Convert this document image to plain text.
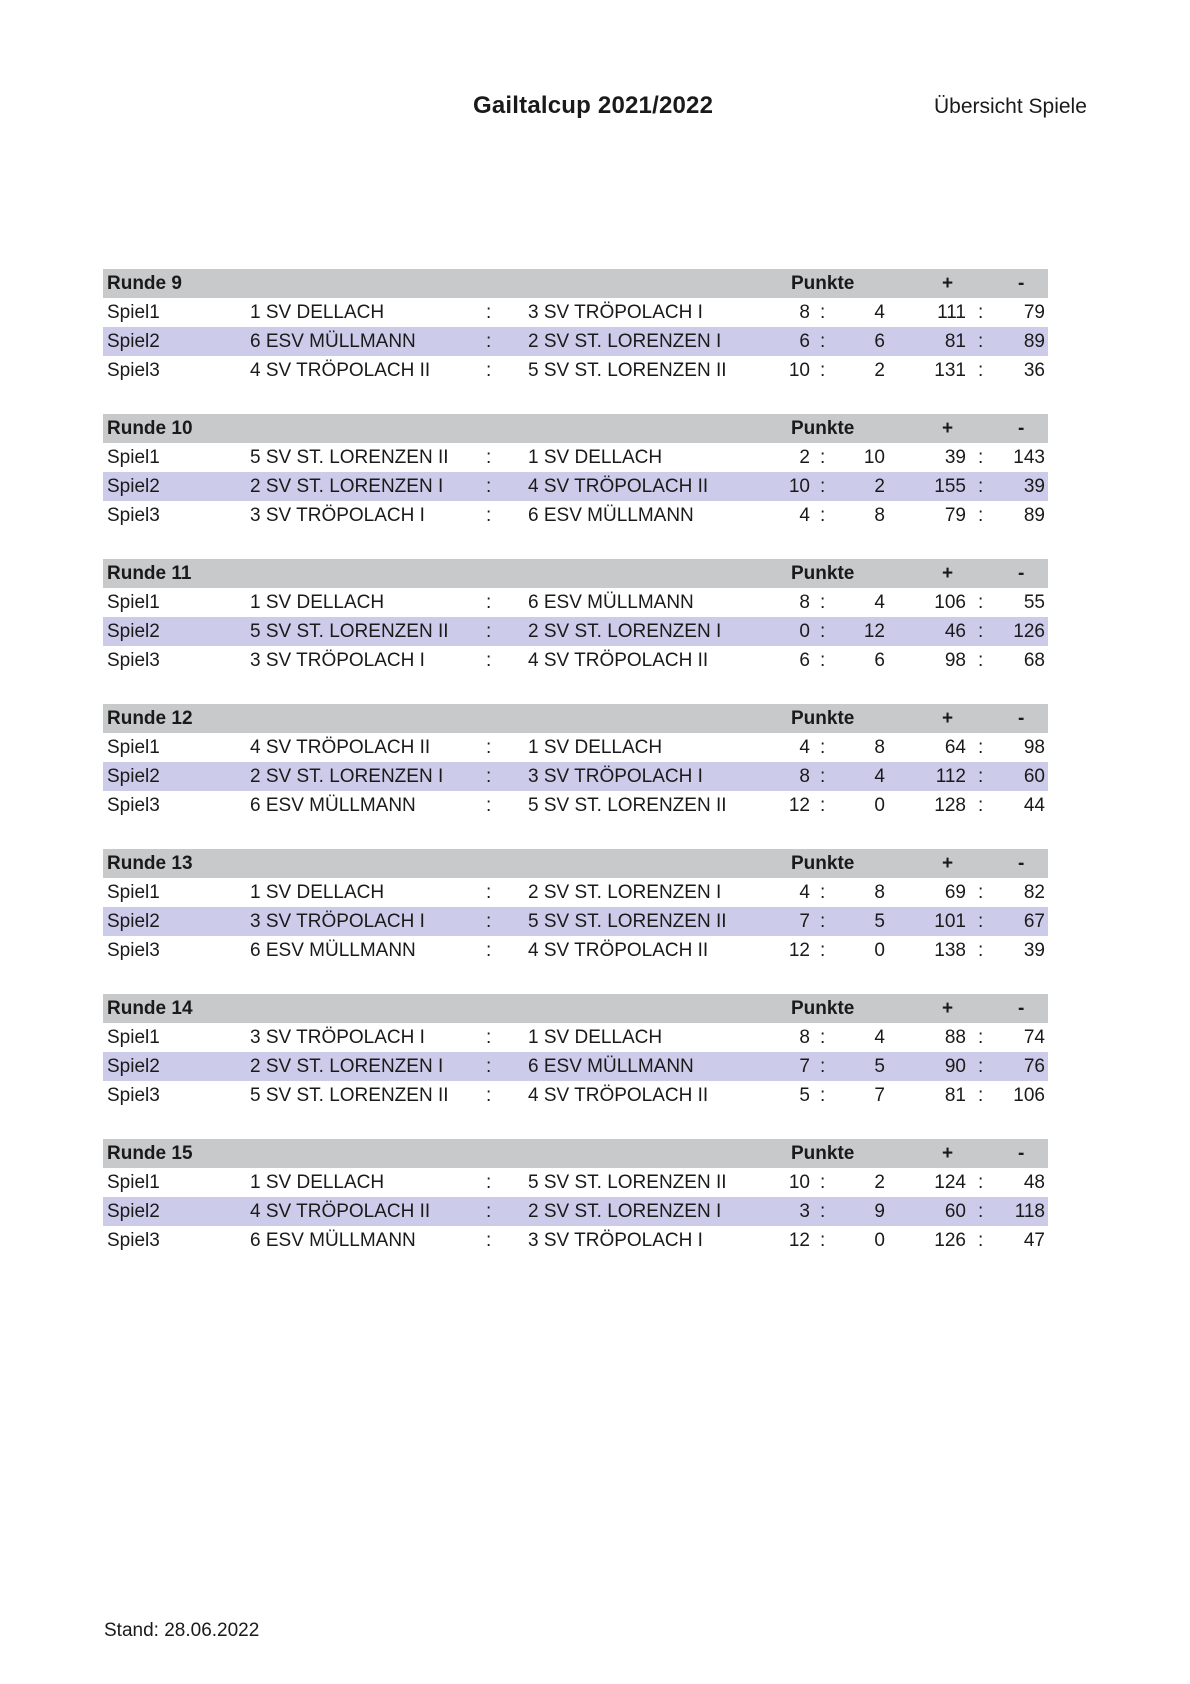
Gailtalcup 2021/2022	Übersicht Spiele
Runde 9	Punkte	+	-
Spiel1	1 SV DELLACH	: 3 SV TRÖPOLACH I	8 :	4	111 : 79
Spiel2	6 ESV MÜLLMANN	: 2 SV ST. LORENZEN I	6 :	6	81 : 89
Spiel3	4 SV TRÖPOLACH II	: 5 SV ST. LORENZEN II	10 :	2	131 : 36
Runde 10	Punkte	+	-
Spiel1	5 SV ST. LORENZEN II : 1 SV DELLACH	2 : 10	39 : 143
Spiel2	2 SV ST. LORENZEN I : 4 SV TRÖPOLACH II	10 :	2	155 : 39
Spiel3	3 SV TRÖPOLACH I	: 6 ESV MÜLLMANN	4 :	8	79 : 89
Runde 11	Punkte	+	-
Spiel1	1 SV DELLACH	: 6 ESV MÜLLMANN	8 :	4	106 : 55
Spiel2	5 SV ST. LORENZEN II : 2 SV ST. LORENZEN I	0 : 12	46 : 126
Spiel3	3 SV TRÖPOLACH I	: 4 SV TRÖPOLACH II	6 :	6	98 : 68
Runde 12	Punkte	+	-
Spiel1	4 SV TRÖPOLACH II	: 1 SV DELLACH	4 :	8	64 : 98
Spiel2	2 SV ST. LORENZEN I : 3 SV TRÖPOLACH I	8 :	4	112 : 60
Spiel3	6 ESV MÜLLMANN	: 5 SV ST. LORENZEN II	12 :	0	128 : 44
Runde 13	Punkte	+	-
Spiel1	1 SV DELLACH	: 2 SV ST. LORENZEN I	4 :	8	69 : 82
Spiel2	3 SV TRÖPOLACH I	: 5 SV ST. LORENZEN II	7 :	5	101 : 67
Spiel3	6 ESV MÜLLMANN	: 4 SV TRÖPOLACH II	12 :	0	138 : 39
Runde 14	Punkte	+	-
Spiel1	3 SV TRÖPOLACH I	: 1 SV DELLACH	8 :	4	88 : 74
Spiel2	2 SV ST. LORENZEN I : 6 ESV MÜLLMANN	7 :	5	90 : 76
Spiel3	5 SV ST. LORENZEN II : 4 SV TRÖPOLACH II	5 :	7	81 : 106
Runde 15	Punkte	+	-
Spiel1	1 SV DELLACH	: 5 SV ST. LORENZEN II	10 :	2	124 : 48
Spiel2	4 SV TRÖPOLACH II	: 2 SV ST. LORENZEN I	3 :	9	60 : 118
Spiel3	6 ESV MÜLLMANN	: 3 SV TRÖPOLACH I	12 :	0	126 : 47
Stand: 28.06.2022
